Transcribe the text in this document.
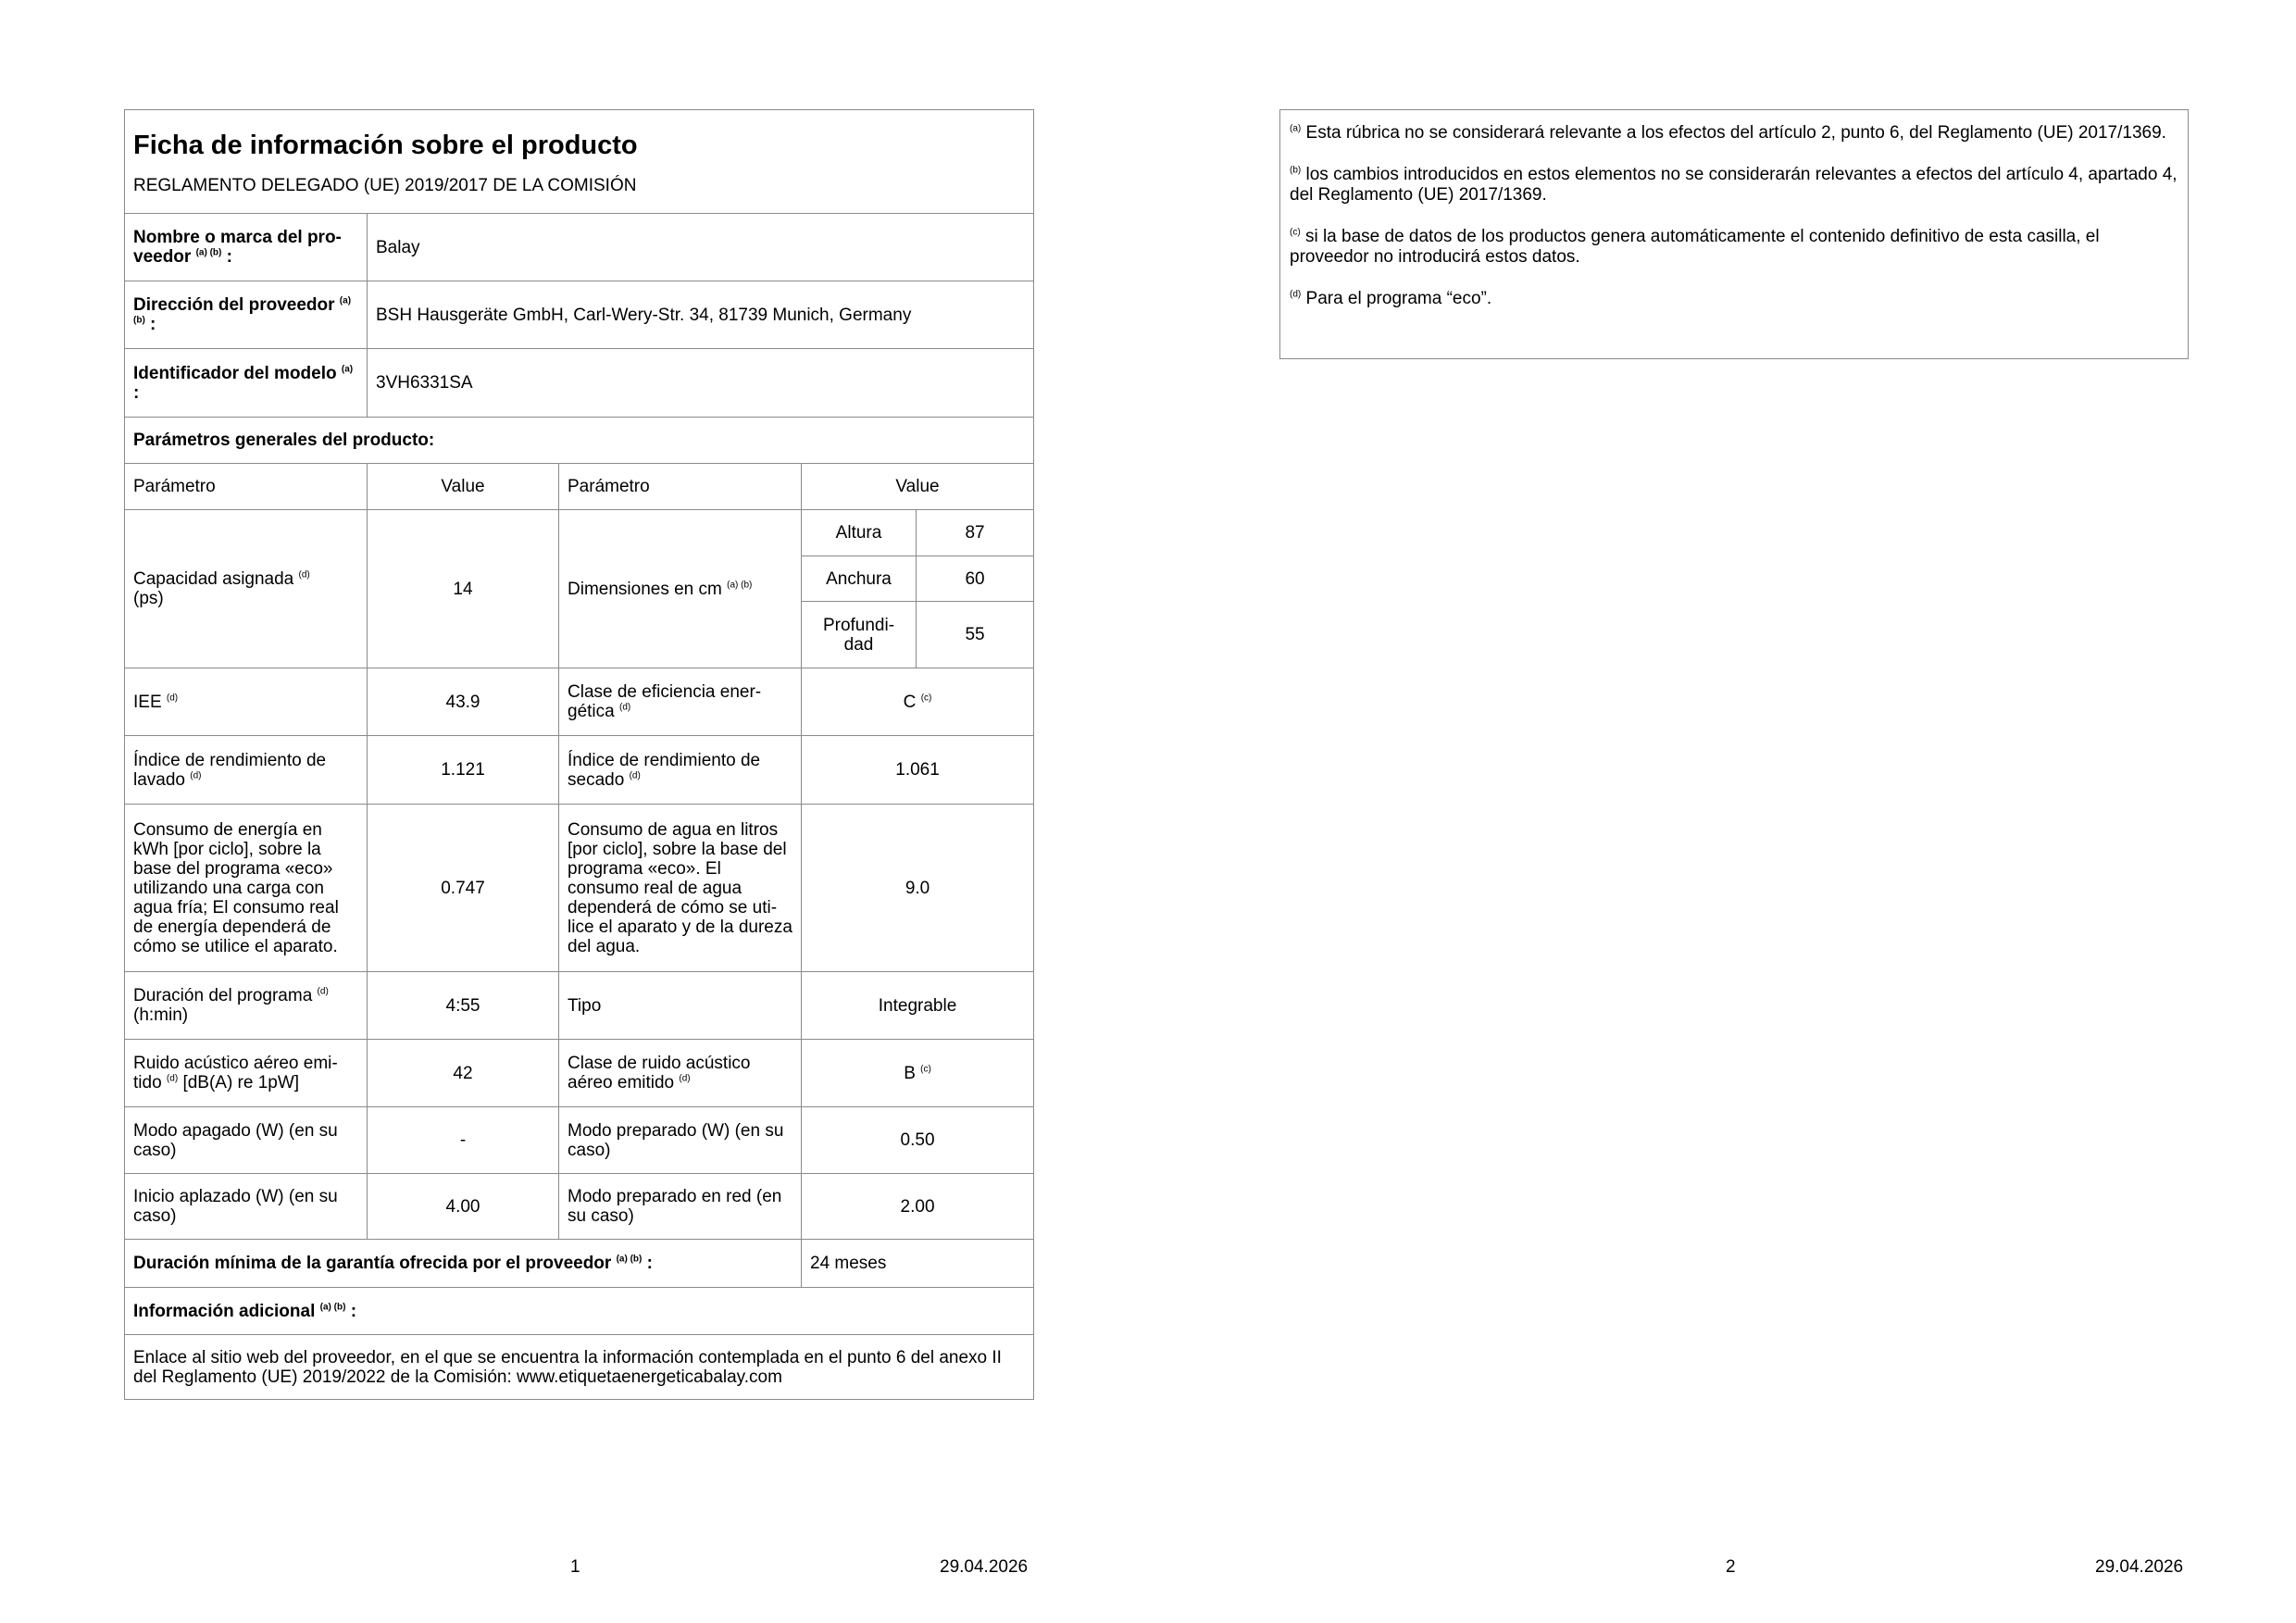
Ficha de información sobre el producto
REGLAMENTO DELEGADO (UE) 2019/2017 DE LA COMISIÓN				

Nombre o marca del pro-veedor $^{(a) (b)}$ :	Balay			
Dirección del proveedor $^{(a) (b)}$ :	BSH Hausgeräte GmbH, Carl-Wery-Str. 34, 81739 Munich, Germany			
Identificador del modelo $^{(a)}$ :	3VH6331SA			
Parámetros generales del producto:				
Parámetro	Value	Parámetro	Value	
Capacidad asignada $^{(d)}$
(ps)	14	Dimensiones en cm $^{(a) (b)}$	Altura	87
			Anchura	60
			Profundi-dad	55
IEE $^{(d)}$	43.9	Clase de eficiencia ener-gética $^{(d)}$	C $^{(c)}$
Índice de rendimiento de lavado $^{(d)}$	1.121	Índice de rendimiento de secado $^{(d)}$	1.061	
Consumo de energía en kWh [por ciclo], sobre la base del programa «eco» utilizando una carga con agua fría; El consumo real de energía dependerá de cómo se utilice el aparato.	0.747	Consumo de agua en litros [por ciclo], sobre la base del programa «eco». El consumo real de agua dependerá de cómo se uti-lice el aparato y de la dureza del agua.	9.0	
Duración del programa $^{(d)}$
(h:min)	4:55	Tipo	Integrable	
Ruido acústico aéreo emi-tido $^{(d)}$ [dB(A) re 1pW]	42	Clase de ruido acústico aéreo emitido $^{(d)}$	B $^{(c)}$
Modo apagado (W) (en su caso)	-	Modo preparado (W) (en su caso)	0.50	
Inicio aplazado (W) (en su caso)	4.00	Modo preparado en red (en su caso)	2.00	
Duración mínima de la garantía ofrecida por el proveedor $^{(a) (b)}$ :			24 meses	
Información adicional $^{(a) (b)}$ :				
Enlace al sitio web del proveedor, en el que se encuentra la información contemplada en el punto 6 del anexo II del Reglamento (UE) 2019/2022 de la Comisión: www.etiquetaenergeticabalay.com				
1	29.04.2026

$^{(a)}$ Esta rúbrica no se considerará relevante a los efectos del artículo 2, punto 6, del Reglamento (UE) 2017/1369.

$^{(b)}$ los cambios introducidos en estos elementos no se considerarán relevantes a efectos del artículo 4, apartado 4, del Reglamento (UE) 2017/1369.

$^{(c)}$ si la base de datos de los productos genera automáticamente el contenido definitivo de esta casilla, el proveedor no introducirá estos datos.

$^{(d)}$ Para el programa “eco”.

2	29.04.2026
